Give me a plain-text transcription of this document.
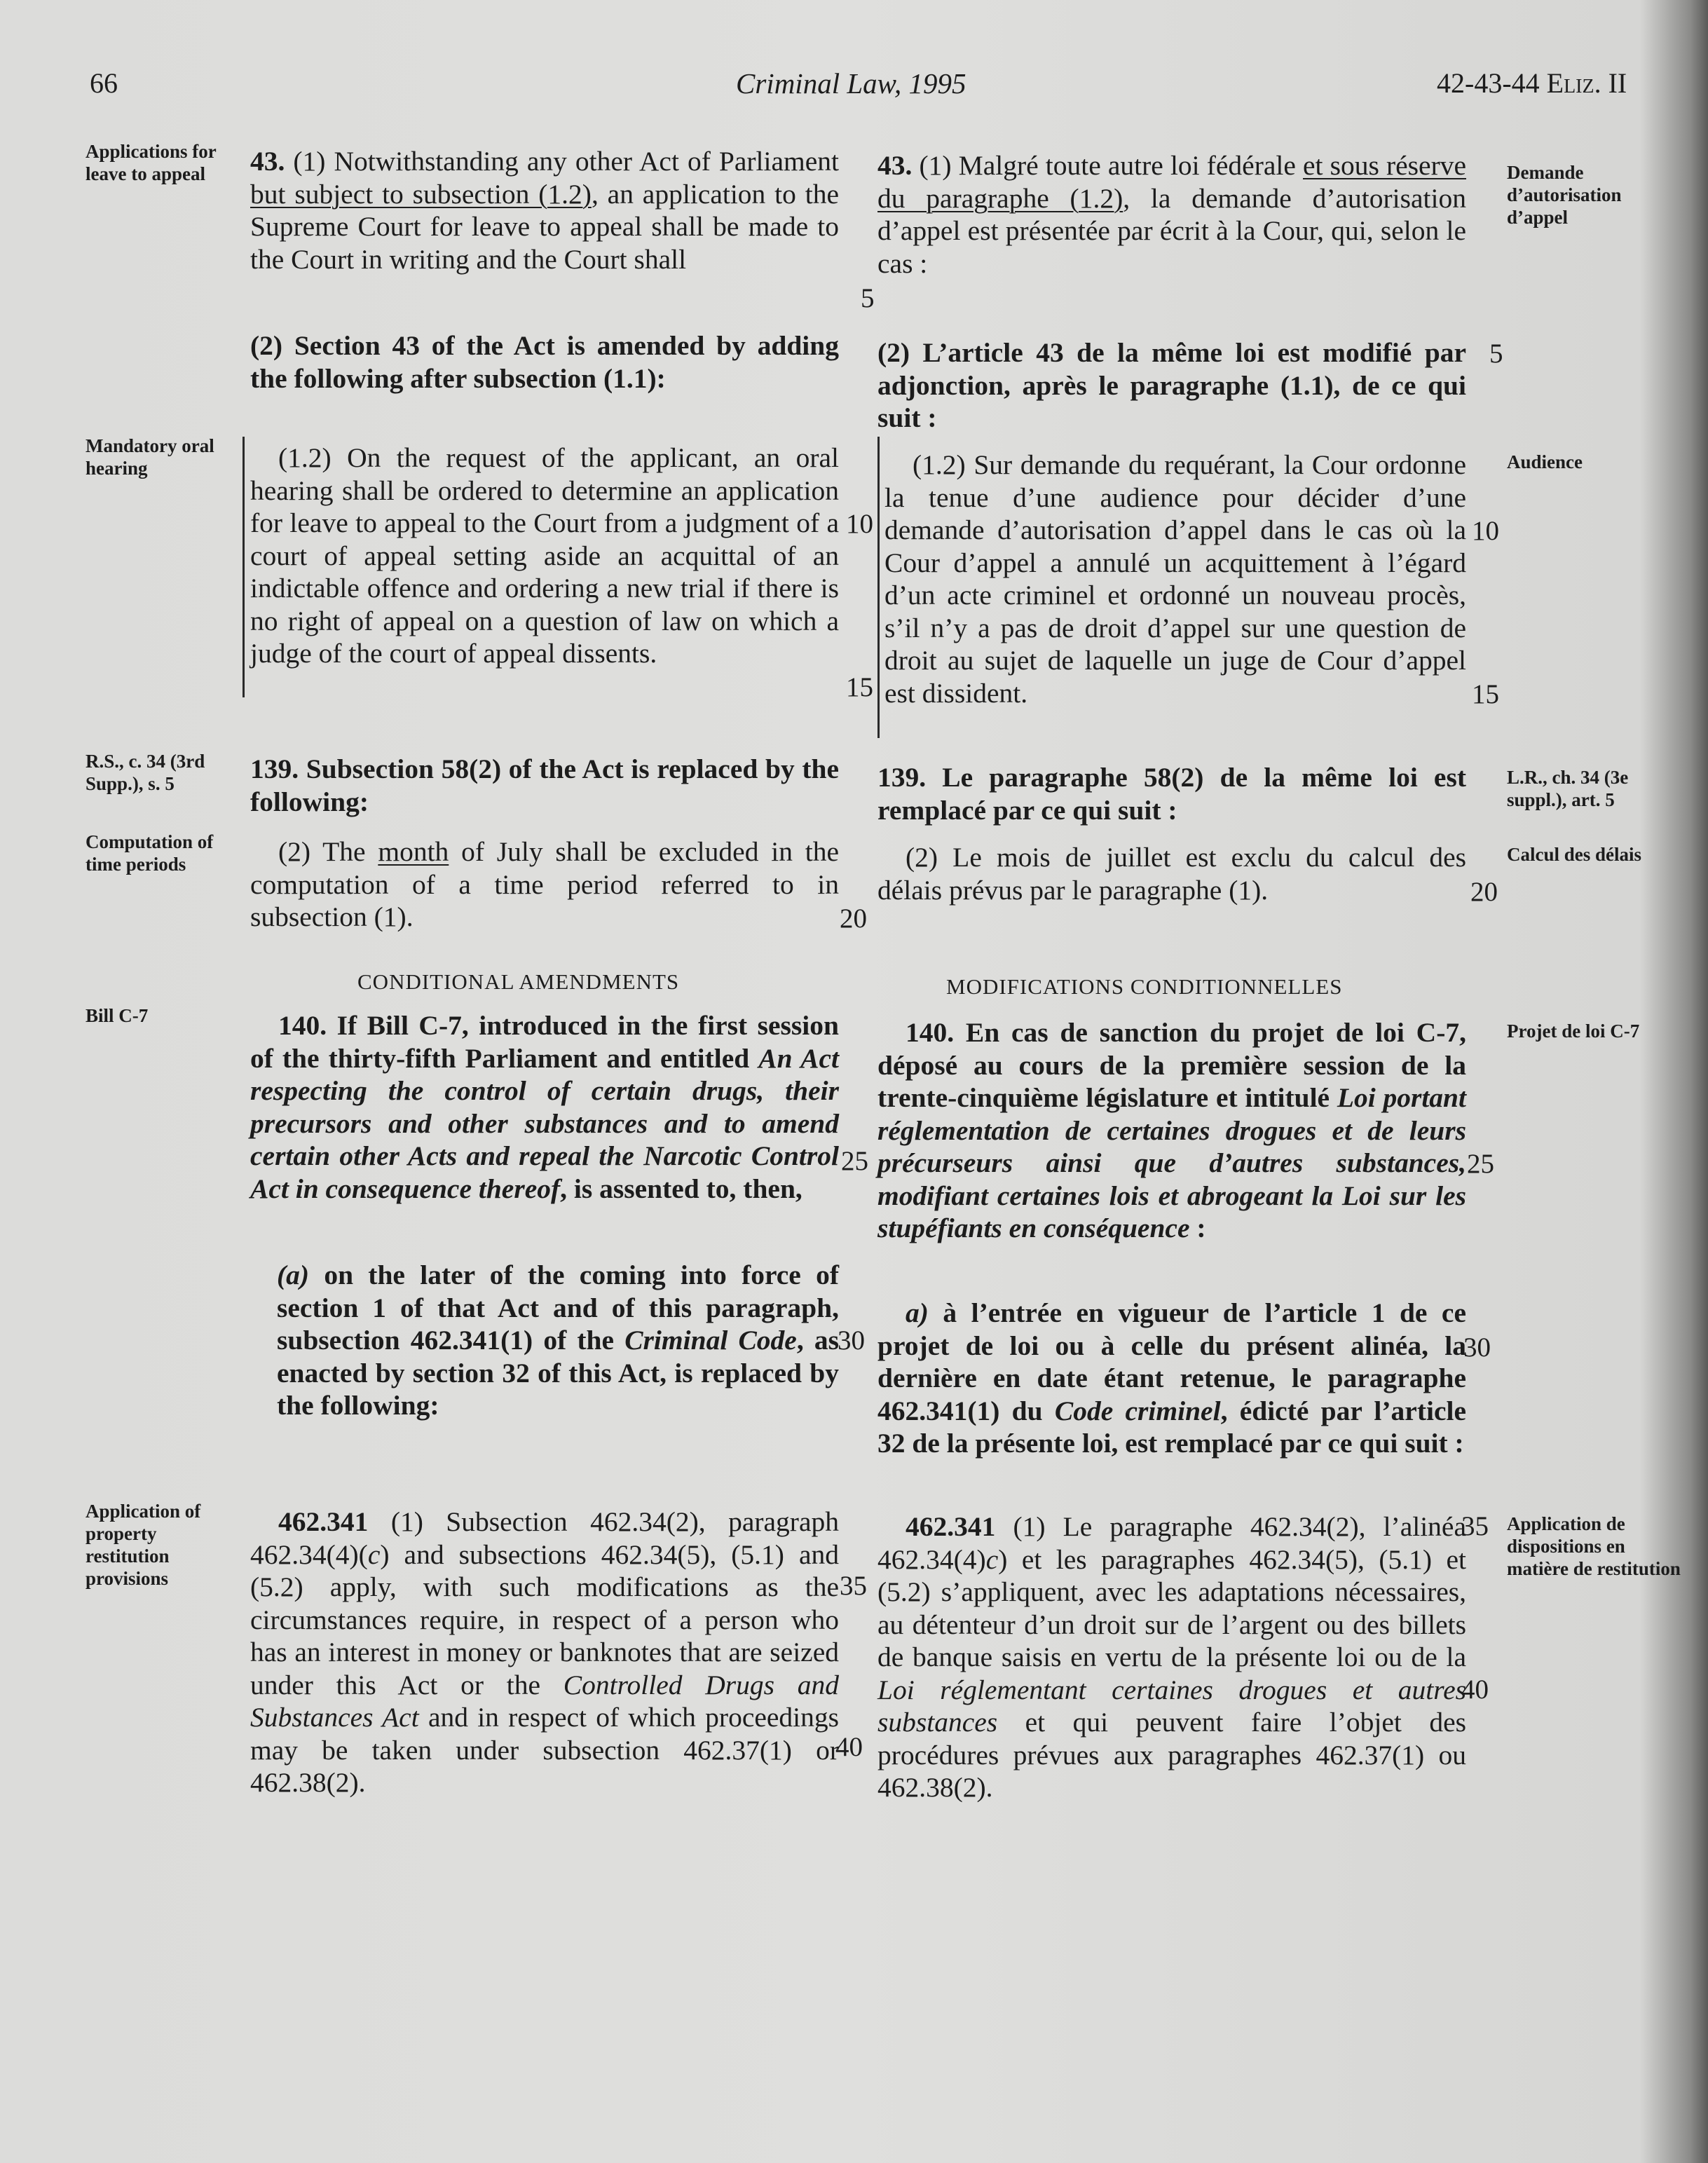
66	Criminal Law, 1995	42-43-44 Eliz. II
Applications for leave to appeal
Mandatory oral hearing
R.S., c. 34 (3rd Supp.), s. 5
Computation of time periods
Bill C-7
Application of property restitution provisions
Demande d’autorisation d’appel
Audience
L.R., ch. 34 (3e suppl.), art. 5
Calcul des délais
Projet de loi C-7
Application de dispositions en matière de restitution

43. (1) Notwithstanding any other Act of Parliament but subject to subsection (1.2), an application to the Supreme Court for leave to appeal shall be made to the Court in writing and the Court shall

(2) Section 43 of the Act is amended by adding the following after subsection (1.1):

(1.2) On the request of the applicant, an oral hearing shall be ordered to determine an application for leave to appeal to the Court from a judgment of a court of appeal setting aside an acquittal of an indictable offence and ordering a new trial if there is no right of appeal on a question of law on which a judge of the court of appeal dissents.

139. Subsection 58(2) of the Act is replaced by the following:

(2) The month of July shall be excluded in the computation of a time period referred to in subsection (1).

CONDITIONAL AMENDMENTS

140. If Bill C-7, introduced in the first session of the thirty-fifth Parliament and entitled An Act respecting the control of certain drugs, their precursors and other substances and to amend certain other Acts and repeal the Narcotic Control Act in consequence thereof, is assented to, then,

(a) on the later of the coming into force of section 1 of that Act and of this paragraph, subsection 462.341(1) of the Criminal Code, as enacted by section 32 of this Act, is replaced by the following:

462.341 (1) Subsection 462.34(2), paragraph 462.34(4)(c) and subsections 462.34(5), (5.1) and (5.2) apply, with such modifications as the circumstances require, in respect of a person who has an interest in money or banknotes that are seized under this Act or the Controlled Drugs and Substances Act and in respect of which proceedings may be taken under subsection 462.37(1) or 462.38(2).

43. (1) Malgré toute autre loi fédérale et sous réserve du paragraphe (1.2), la demande d’autorisation d’appel est présentée par écrit à la Cour, qui, selon le cas :

(2) L’article 43 de la même loi est modifié par adjonction, après le paragraphe (1.1), de ce qui suit :

(1.2) Sur demande du requérant, la Cour ordonne la tenue d’une audience pour décider d’une demande d’autorisation d’appel dans le cas où la Cour d’appel a annulé un acquittement à l’égard d’un acte criminel et ordonné un nouveau procès, s’il n’y a pas de droit d’appel sur une question de droit au sujet de laquelle un juge de Cour d’appel est dissident.

139. Le paragraphe 58(2) de la même loi est remplacé par ce qui suit :

(2) Le mois de juillet est exclu du calcul des délais prévus par le paragraphe (1).

MODIFICATIONS CONDITIONNELLES

140. En cas de sanction du projet de loi C-7, déposé au cours de la première session de la trente-cinquième législature et intitulé Loi portant réglementation de certaines drogues et de leurs précurseurs ainsi que d’autres substances, modifiant certaines lois et abrogeant la Loi sur les stupéfiants en conséquence :

a) à l’entrée en vigueur de l’article 1 de ce projet de loi ou à celle du présent alinéa, la dernière en date étant retenue, le paragraphe 462.341(1) du Code criminel, édicté par l’article 32 de la présente loi, est remplacé par ce qui suit :

462.341 (1) Le paragraphe 462.34(2), l’alinéa 462.34(4)c) et les paragraphes 462.34(5), (5.1) et (5.2) s’appliquent, avec les adaptations nécessaires, au détenteur d’un droit sur de l’argent ou des billets de banque saisis en vertu de la présente loi ou de la Loi réglementant certaines drogues et autres substances et qui peuvent faire l’objet des procédures prévues aux paragraphes 462.37(1) ou 462.38(2).

5
5
10	10
15	15
20
20
25	25
30	30
35
35
40
40
